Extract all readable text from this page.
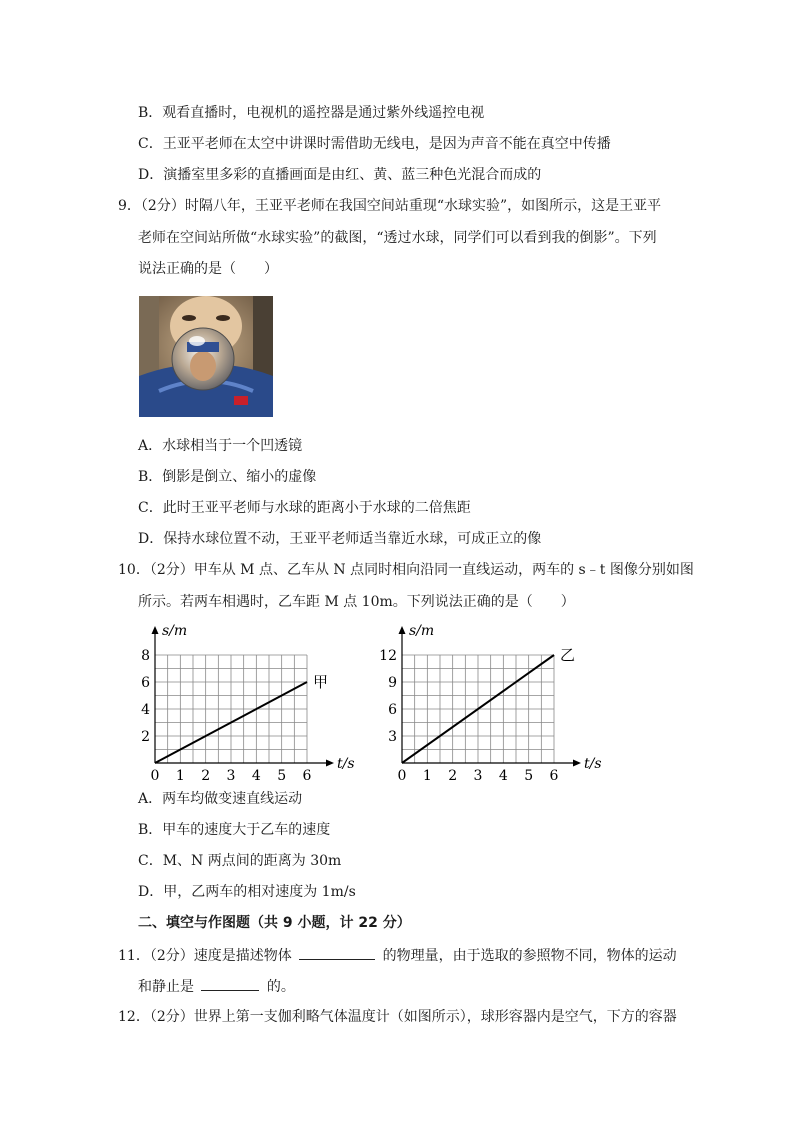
B．观看直播时，电视机的遥控器是通过紫外线遥控电视
C．王亚平老师在太空中讲课时需借助无线电，是因为声音不能在真空中传播
D．演播室里多彩的直播画面是由红、黄、蓝三种色光混合而成的
9．（2分）时隔八年，王亚平老师在我国空间站重现“水球实验”，如图所示，这是王亚平
老师在空间站所做“水球实验”的截图，“透过水球，同学们可以看到我的倒影”。下列
说法正确的是（　　）
A．水球相当于一个凹透镜
B．倒影是倒立、缩小的虚像
C．此时王亚平老师与水球的距离小于水球的二倍焦距
D．保持水球位置不动，王亚平老师适当靠近水球，可成正立的像
10．（2分）甲车从 M 点、乙车从 N 点同时相向沿同一直线运动，两车的 s﹣t 图像分别如图
所示。若两车相遇时，乙车距 M 点 10m。下列说法正确的是（　　）
s/m
t/s
0 1 2 3 4 5 6
2
4
6
8
甲
s/m
t/s
0 1 2 3 4 5 6
3
6
9
12	乙
A．两车均做变速直线运动
B．甲车的速度大于乙车的速度
C．M、N 两点间的距离为 30m
D．甲，乙两车的相对速度为 1m/s
二、填空与作图题（共 9 小题，计 22 分）
11．（2分）速度是描述物体	的物理量，由于选取的参照物不同，物体的运动
和静止是	的。
12．（2分）世界上第一支伽利略气体温度计（如图所示），球形容器内是空气，下方的容器
